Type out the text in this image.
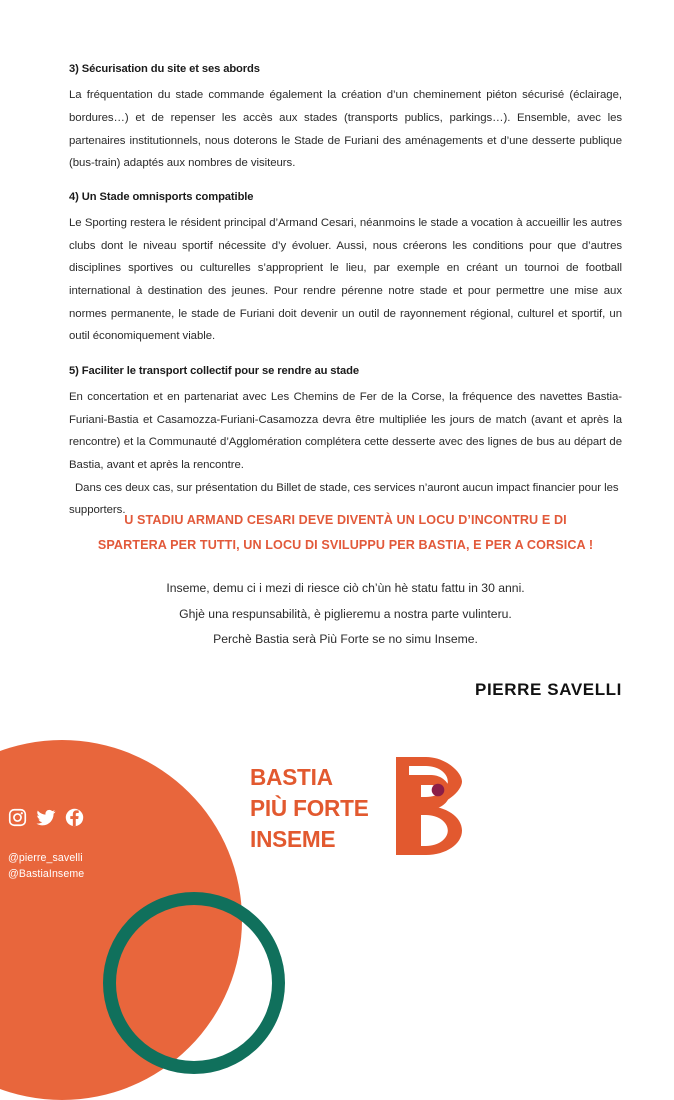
3) Sécurisation du site et ses abords

La fréquentation du stade commande également la création d’un cheminement piéton sécurisé (éclairage, bordures…) et de repenser les accès aux stades (transports publics, parkings…). Ensemble, avec les partenaires institutionnels, nous doterons le Stade de Furiani des aménagements et d’une desserte publique (bus-train) adaptés aux nombres de visiteurs.

4) Un Stade omnisports compatible

Le Sporting restera le résident principal d’Armand Cesari, néanmoins le stade a vocation à accueillir les autres clubs dont le niveau sportif nécessite d’y évoluer. Aussi, nous créerons les conditions pour que d’autres disciplines sportives ou culturelles s’approprient le lieu, par exemple en créant un tournoi de football international à destination des jeunes. Pour rendre pérenne notre stade et pour permettre une mise aux normes permanente, le stade de Furiani doit devenir un outil de rayonnement régional, culturel et sportif, un outil économiquement viable.

5) Faciliter le transport collectif pour se rendre au stade

En concertation et en partenariat avec Les Chemins de Fer de la Corse, la fréquence des navettes Bastia-Furiani-Bastia et Casamozza-Furiani-Casamozza devra être multipliée les jours de match (avant et après la rencontre) et la Communauté d’Agglomération complétera cette desserte avec des lignes de bus au départ de Bastia, avant et après la rencontre.

Dans ces deux cas, sur présentation du Billet de stade, ces services n’auront aucun impact financier pour les supporters.

U STADIU ARMAND CESARI DEVE DIVENTÀ UN LOCU D’INCONTRU E DI
SPARTERA PER TUTTI, UN LOCU DI SVILUPPU PER BASTIA, E PER A CORSICA !
Inseme, demu ci i mezi di riesce ciò ch’ùn hè statu fattu in 30 anni.
Ghjè una respunsabilità, è piglieremu a nostra parte vulinteru.
Perchè Bastia serà Più Forte se no simu Inseme.
PIERRE SAVELLI
@pierre_savelli
@BastiaInseme
BASTIA
PIÙ FORTE
INSEME
